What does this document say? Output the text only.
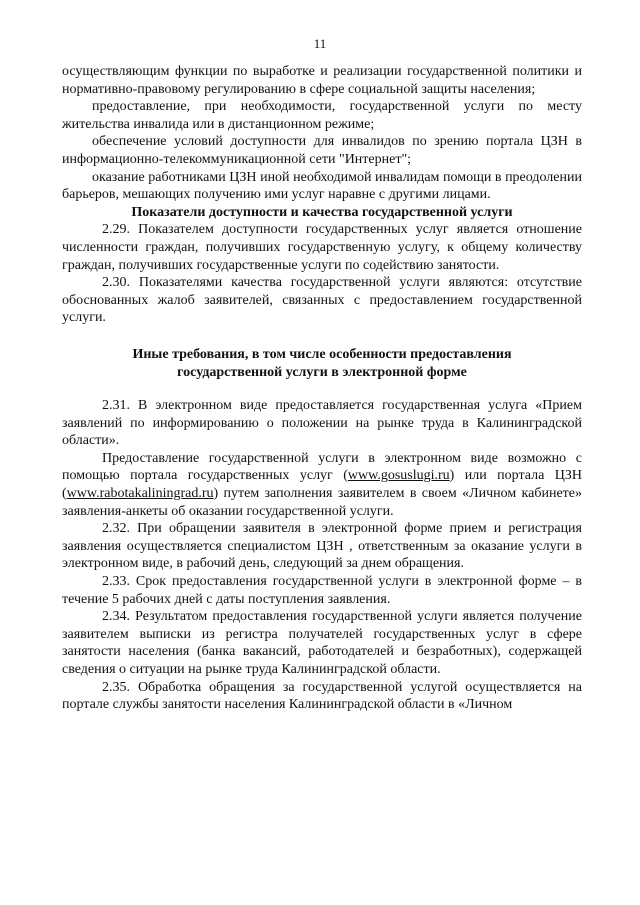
11

осуществляющим функции по выработке и реализации государственной политики и нормативно-правовому регулированию в сфере социальной защиты населения;

предоставление, при необходимости, государственной услуги по месту жительства инвалида или в дистанционном режиме;

обеспечение условий доступности для инвалидов по зрению портала ЦЗН в информационно-телекоммуникационной сети "Интернет";

оказание работниками ЦЗН иной необходимой инвалидам помощи в преодолении барьеров, мешающих получению ими услуг наравне с другими лицами.

Показатели доступности и качества государственной услуги

2.29. Показателем доступности государственных услуг является отношение численности граждан, получивших государственную услугу, к общему количеству граждан, получивших государственные услуги по содействию занятости.

2.30. Показателями качества государственной услуги являются: отсутствие обоснованных жалоб заявителей, связанных с предоставлением государственной услуги.

Иные требования, в том числе особенности предоставления
государственной услуги в электронной форме

2.31. В электронном виде предоставляется государственная услуга «Прием заявлений по информированию о положении на рынке труда в Калининградской области».

Предоставление государственной услуги в электронном виде возможно с помощью портала государственных услуг (www.gosuslugi.ru) или портала ЦЗН (www.rabotakaliningrad.ru) путем заполнения заявителем в своем «Личном кабинете» заявления-анкеты об оказании государственной услуги.

2.32. При обращении заявителя в электронной форме прием и регистрация заявления осуществляется специалистом ЦЗН , ответственным за оказание услуги в электронном виде, в рабочий день, следующий за днем обращения.

2.33. Срок предоставления государственной услуги в электронной форме – в течение 5 рабочих дней с даты поступления заявления.

2.34. Результатом предоставления государственной услуги является получение заявителем выписки из регистра получателей государственных услуг в сфере занятости населения (банка вакансий, работодателей и безработных), содержащей сведения о ситуации на рынке труда Калининградской области.

2.35. Обработка обращения за государственной услугой осуществляется на портале службы занятости населения Калининградской области в «Личном
